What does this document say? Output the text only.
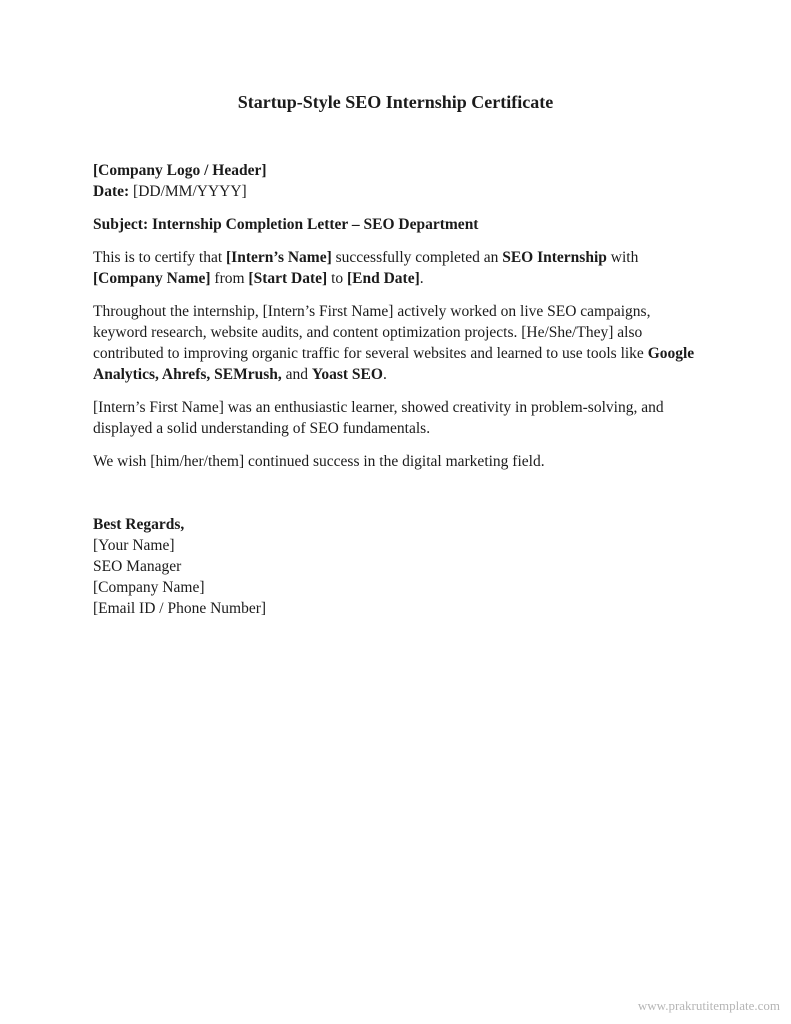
Startup-Style SEO Internship Certificate

[Company Logo / Header]

Date: [DD/MM/YYYY]

Subject: Internship Completion Letter – SEO Department

This is to certify that [Intern’s Name] successfully completed an SEO Internship with [Company Name] from [Start Date] to [End Date].

Throughout the internship, [Intern’s First Name] actively worked on live SEO campaigns, keyword research, website audits, and content optimization projects. [He/She/They] also contributed to improving organic traffic for several websites and learned to use tools like Google Analytics, Ahrefs, SEMrush, and Yoast SEO.

[Intern’s First Name] was an enthusiastic learner, showed creativity in problem-solving, and displayed a solid understanding of SEO fundamentals.

We wish [him/her/them] continued success in the digital marketing field.

Best Regards,

[Your Name]

SEO Manager

[Company Name]

[Email ID / Phone Number]

www.prakrutitemplate.com
